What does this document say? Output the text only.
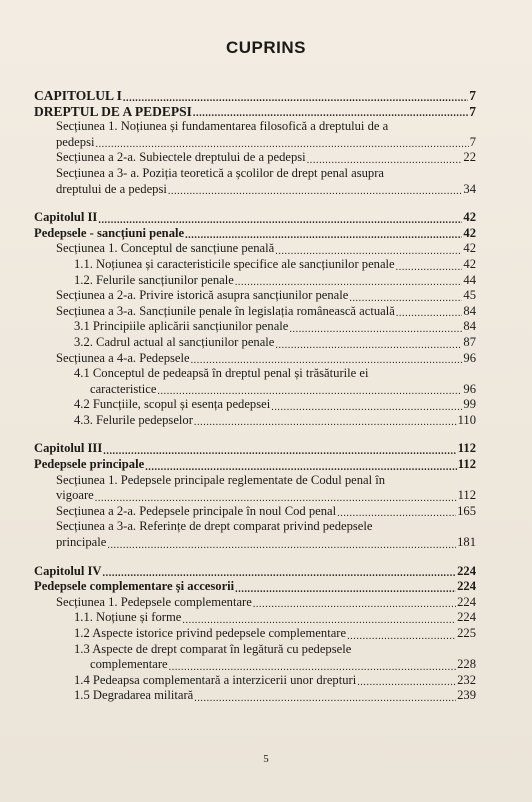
CUPRINS
CAPITOLUL I .....	7
DREPTUL DE A PEDEPSI .....	7
Secțiunea 1. Noțiunea și fundamentarea filosofică a dreptului de a
pedepsi .....	7
Secțiunea a 2-a. Subiectele dreptului de a pedepsi .....	22
Secțiunea a 3- a. Poziția teoretică a școlilor de drept penal asupra
dreptului de a pedepsi .....	34
Capitolul II .....	42
Pedepsele - sancțiuni penale .....	42
Secțiunea 1. Conceptul de sancțiune penală .....	42
1.1. Noțiunea și caracteristicile specifice ale sancțiunilor penale .....	42
1.2. Felurile sancțiunilor penale .....	44
Secțiunea a 2-a. Privire istorică asupra sancțiunilor penale .....	45
Secțiunea a 3-a. Sancțiunile penale în legislația românească actuală .....	84
3.1 Principiile aplicării sancțiunilor penale .....	84
3.2. Cadrul actual al sancțiunilor penale .....	87
Secțiunea a 4-a. Pedepsele .....	96
4.1 Conceptul de pedeapsă în dreptul penal și trăsăturile ei
caracteristice .....	96
4.2 Funcțiile, scopul și esența pedepsei .....	99
4.3. Felurile pedepselor .....	110
Capitolul III .....	112
Pedepsele principale .....	112
Secțiunea 1. Pedepsele principale reglementate de Codul penal în
vigoare .....	112
Secțiunea a 2-a. Pedepsele principale în noul Cod penal .....	165
Secțiunea a 3-a. Referințe de drept comparat privind pedepsele
principale .....	181
Capitolul IV .....	224
Pedepsele complementare și accesorii .....	224
Secțiunea 1. Pedepsele complementare .....	224
1.1. Noțiune și forme .....	224
1.2 Aspecte istorice privind pedepsele complementare .....	225
1.3 Aspecte de drept comparat în legătură cu pedepsele
complementare .....	228
1.4 Pedeapsa complementară a interzicerii unor drepturi .....	232
1.5 Degradarea militară .....	239
5
